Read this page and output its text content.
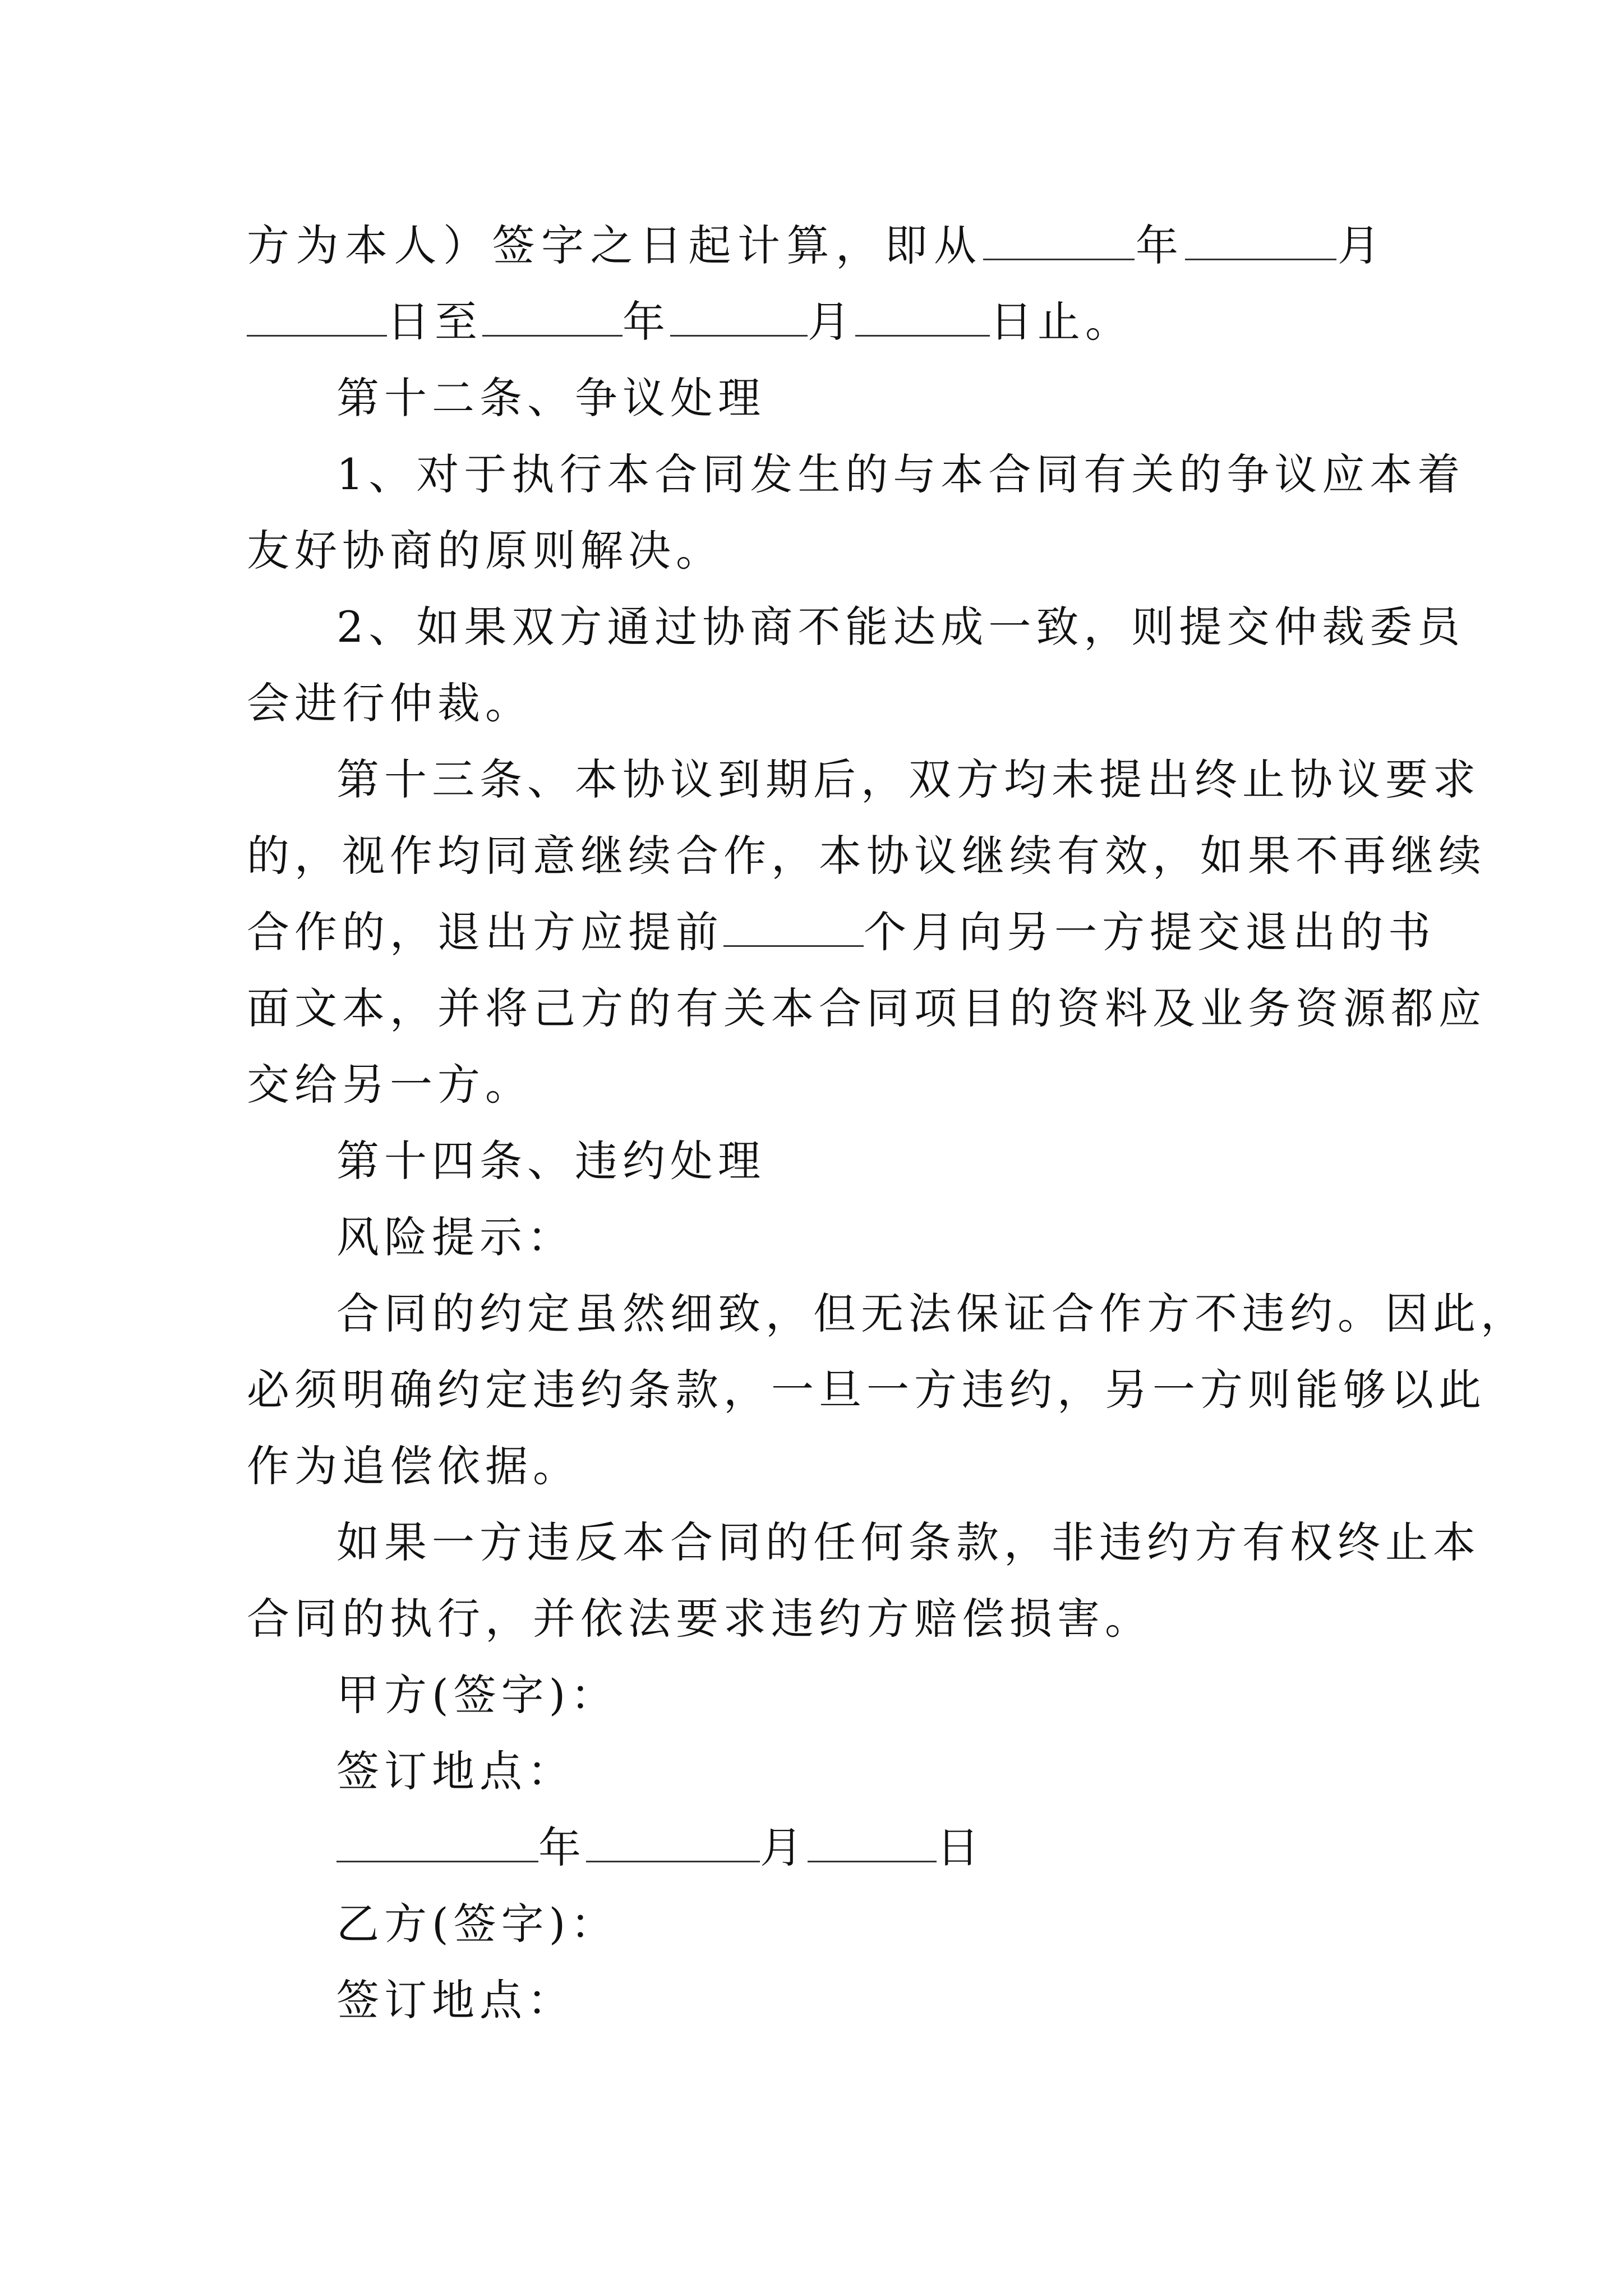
方为本人）签字之日起计算，即从	年	月
日至	年	月	日止。
第十二条、争议处理
1、对于执行本合同发生的与本合同有关的争议应本着
友好协商的原则解决。
2、如果双方通过协商不能达成一致，则提交仲裁委员
会进行仲裁。
第十三条、本协议到期后，双方均未提出终止协议要求
的，视作均同意继续合作，本协议继续有效，如果不再继续
合作的，退出方应提前	个月向另一方提交退出的书
面文本，并将己方的有关本合同项目的资料及业务资源都应
交给另一方。
第十四条、违约处理
风险提示：
合同的约定虽然细致，但无法保证合作方不违约。因此，
必须明确约定违约条款，一旦一方违约，另一方则能够以此
作为追偿依据。
如果一方违反本合同的任何条款，非违约方有权终止本
合同的执行，并依法要求违约方赔偿损害。
甲方(签字)：
签订地点：
年	月	日
乙方(签字)：
签订地点：
